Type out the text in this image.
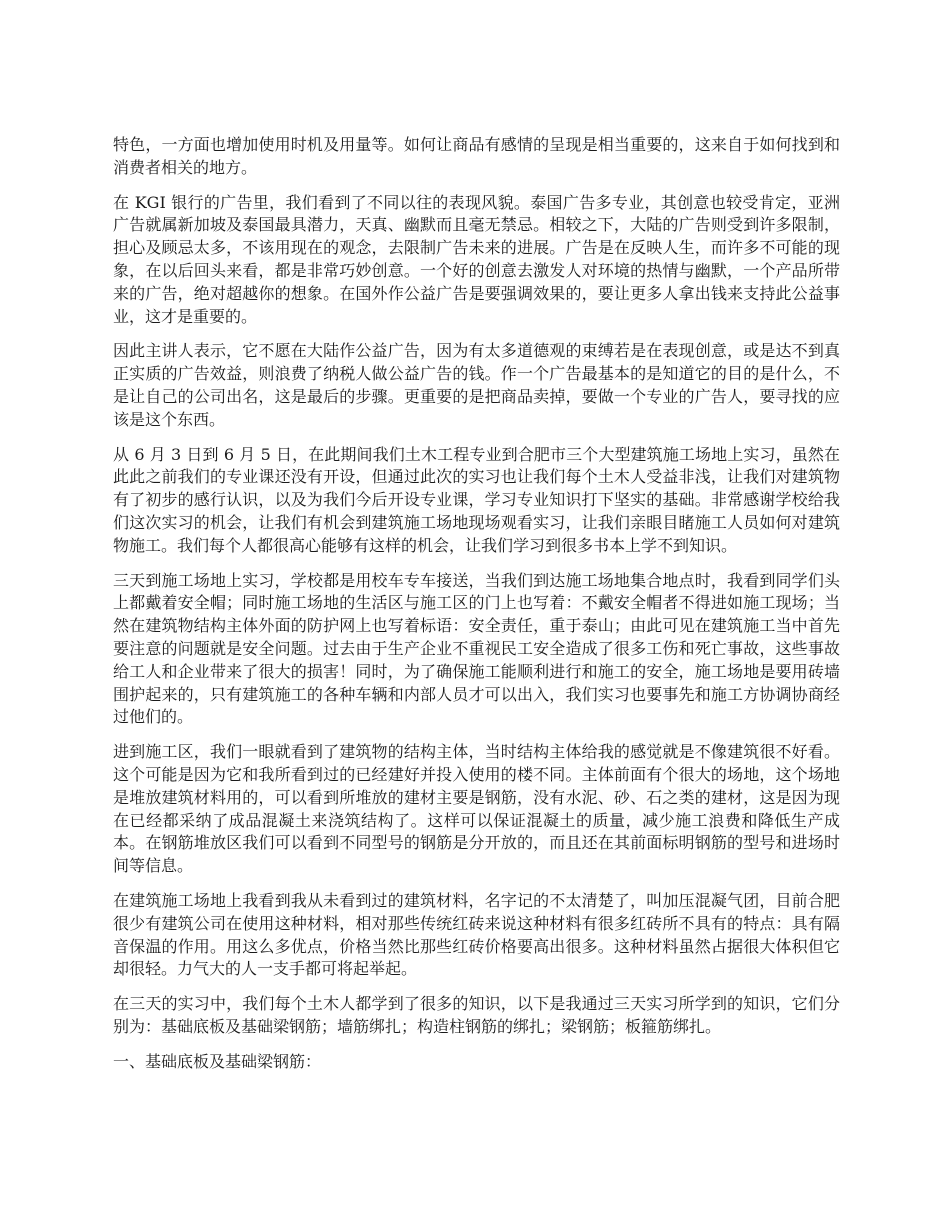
特色，一方面也增加使用时机及用量等。如何让商品有感情的呈现是相当重要的，这来自于如何找到和消费者相关的地方。

在 KGI 银行的广告里，我们看到了不同以往的表现风貌。泰国广告多专业，其创意也较受肯定，亚洲广告就属新加坡及泰国最具潜力，天真、幽默而且毫无禁忌。相较之下，大陆的广告则受到许多限制，担心及顾忌太多，不该用现在的观念，去限制广告未来的进展。广告是在反映人生，而许多不可能的现象，在以后回头来看，都是非常巧妙创意。一个好的创意去激发人对环境的热情与幽默，一个产品所带来的广告，绝对超越你的想象。在国外作公益广告是要强调效果的，要让更多人拿出钱来支持此公益事业，这才是重要的。

因此主讲人表示，它不愿在大陆作公益广告，因为有太多道德观的束缚若是在表现创意，或是达不到真正实质的广告效益，则浪费了纳税人做公益广告的钱。作一个广告最基本的是知道它的目的是什么，不是让自己的公司出名，这是最后的步骤。更重要的是把商品卖掉，要做一个专业的广告人，要寻找的应该是这个东西。

从 6 月 3 日到 6 月 5 日，在此期间我们土木工程专业到合肥市三个大型建筑施工场地上实习，虽然在此此之前我们的专业课还没有开设，但通过此次的实习也让我们每个土木人受益非浅，让我们对建筑物有了初步的感行认识，以及为我们今后开设专业课，学习专业知识打下坚实的基础。非常感谢学校给我们这次实习的机会，让我们有机会到建筑施工场地现场观看实习，让我们亲眼目睹施工人员如何对建筑物施工。我们每个人都很高心能够有这样的机会，让我们学习到很多书本上学不到知识。

三天到施工场地上实习，学校都是用校车专车接送，当我们到达施工场地集合地点时，我看到同学们头上都戴着安全帽；同时施工场地的生活区与施工区的门上也写着：不戴安全帽者不得进如施工现场；当然在建筑物结构主体外面的防护网上也写着标语：安全责任，重于泰山；由此可见在建筑施工当中首先要注意的问题就是安全问题。过去由于生产企业不重视民工安全造成了很多工伤和死亡事故，这些事故给工人和企业带来了很大的损害！同时，为了确保施工能顺利进行和施工的安全，施工场地是要用砖墙围护起来的，只有建筑施工的各种车辆和内部人员才可以出入，我们实习也要事先和施工方协调协商经过他们的。

进到施工区，我们一眼就看到了建筑物的结构主体，当时结构主体给我的感觉就是不像建筑很不好看。这个可能是因为它和我所看到过的已经建好并投入使用的楼不同。主体前面有个很大的场地，这个场地是堆放建筑材料用的，可以看到所堆放的建材主要是钢筋，没有水泥、砂、石之类的建材，这是因为现在已经都采纳了成品混凝土来浇筑结构了。这样可以保证混凝土的质量，减少施工浪费和降低生产成本。在钢筋堆放区我们可以看到不同型号的钢筋是分开放的，而且还在其前面标明钢筋的型号和进场时间等信息。

在建筑施工场地上我看到我从未看到过的建筑材料，名字记的不太清楚了，叫加压混凝气团，目前合肥很少有建筑公司在使用这种材料，相对那些传统红砖来说这种材料有很多红砖所不具有的特点：具有隔音保温的作用。用这么多优点，价格当然比那些红砖价格要高出很多。这种材料虽然占据很大体积但它却很轻。力气大的人一支手都可将起举起。

在三天的实习中，我们每个土木人都学到了很多的知识，以下是我通过三天实习所学到的知识，它们分别为：基础底板及基础梁钢筋；墙筋绑扎；构造柱钢筋的绑扎；梁钢筋；板箍筋绑扎。

一、基础底板及基础梁钢筋：
